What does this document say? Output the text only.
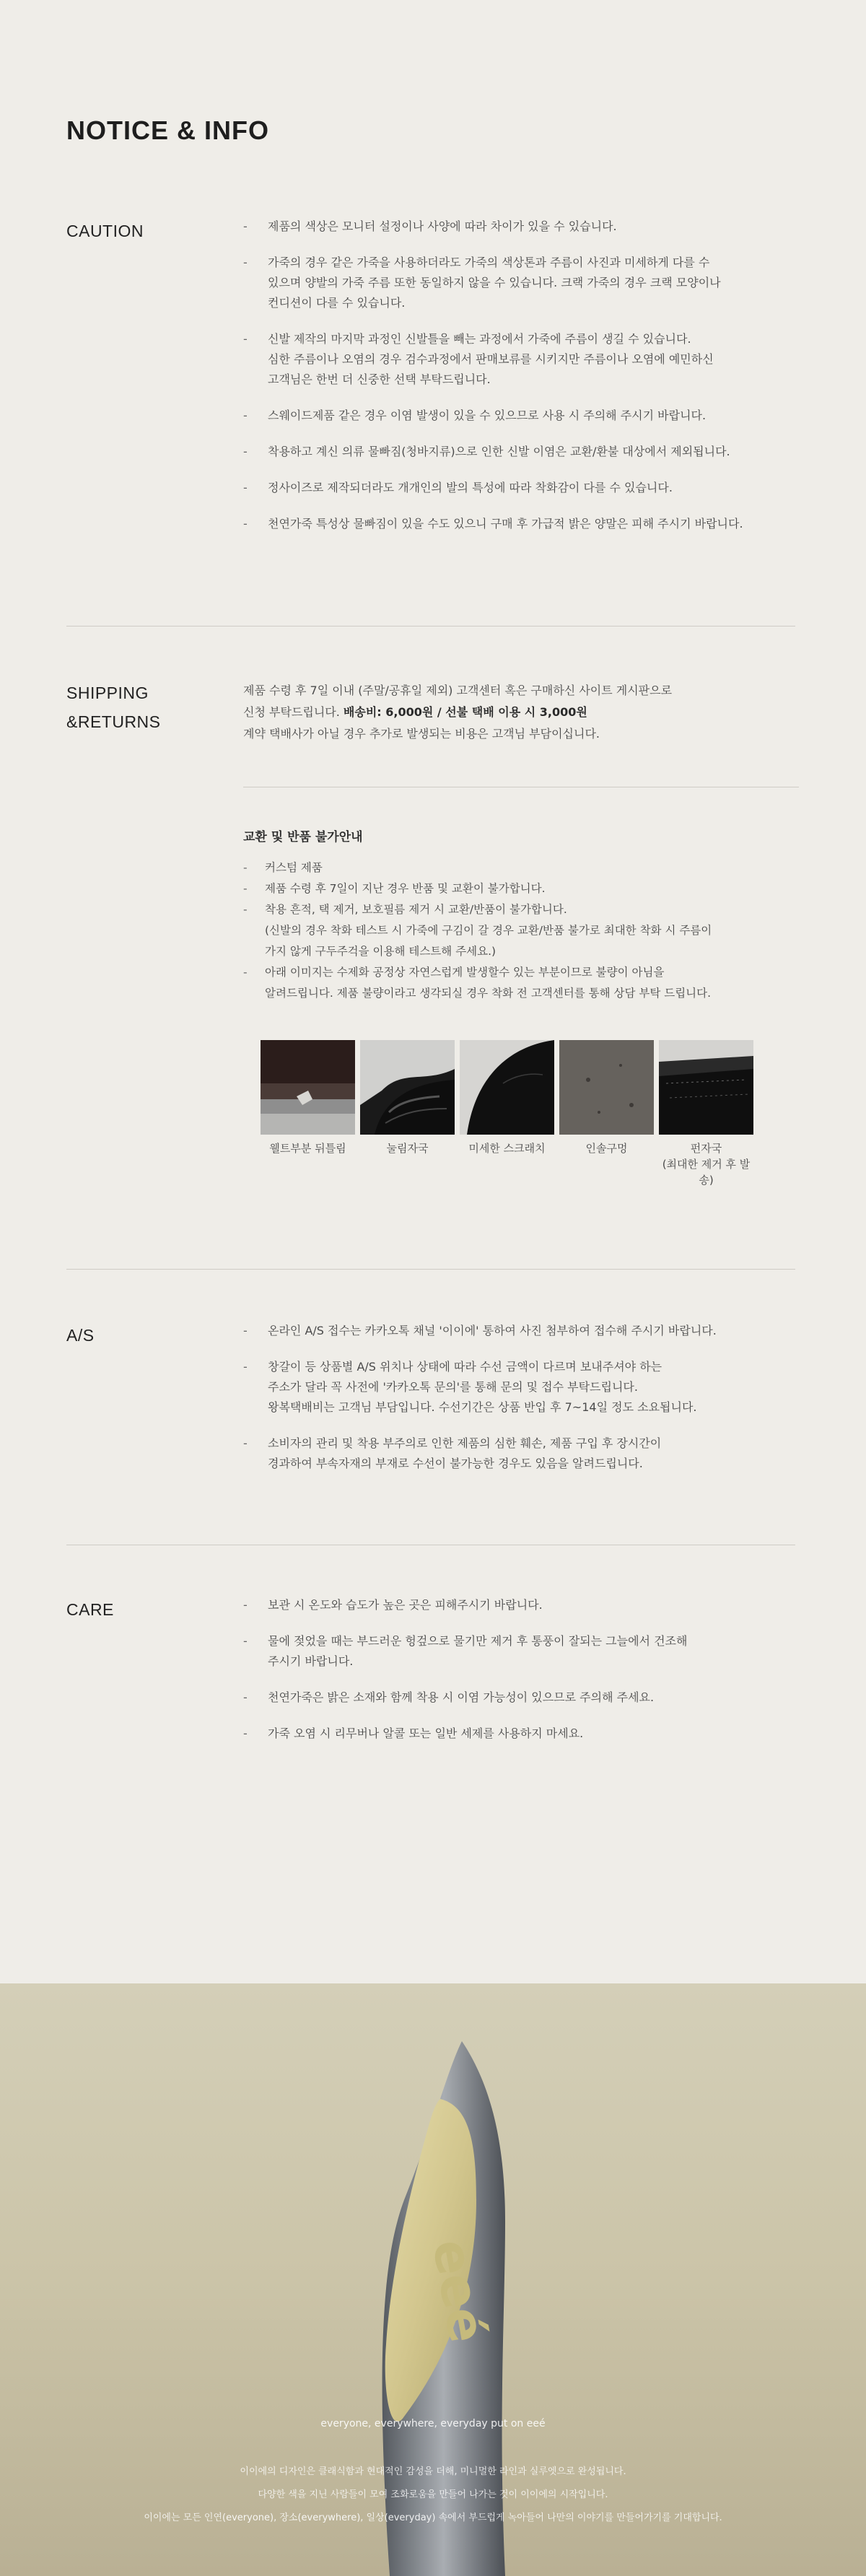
NOTICE & INFO
CAUTION	- 제품의 색상은 모니터 설정이나 사양에 따라 차이가 있을 수 있습니다.
- 가죽의 경우 같은 가죽을 사용하더라도 가죽의 색상톤과 주름이 사진과 미세하게 다를 수
있으며 양발의 가죽 주름 또한 동일하지 않을 수 있습니다. 크랙 가죽의 경우 크랙 모양이나
컨디션이 다를 수 있습니다.
- 신발 제작의 마지막 과정인 신발틀을 빼는 과정에서 가죽에 주름이 생길 수 있습니다.
심한 주름이나 오염의 경우 검수과정에서 판매보류를 시키지만 주름이나 오염에 예민하신
고객님은 한번 더 신중한 선택 부탁드립니다.
- 스웨이드제품 같은 경우 이염 발생이 있을 수 있으므로 사용 시 주의해 주시기 바랍니다.
- 착용하고 계신 의류 물빠짐(청바지류)으로 인한 신발 이염은 교환/환불 대상에서 제외됩니다.
- 정사이즈로 제작되더라도 개개인의 발의 특성에 따라 착화감이 다를 수 있습니다.
- 천연가죽 특성상 물빠짐이 있을 수도 있으니 구매 후 가급적 밝은 양말은 피해 주시기 바랍니다.
SHIPPING
&RETURNS
제품 수령 후 7일 이내 (주말/공휴일 제외) 고객센터 혹은 구매하신 사이트 게시판으로
신청 부탁드립니다. 배송비: 6,000원 / 선불 택배 이용 시 3,000원
계약 택배사가 아닐 경우 추가로 발생되는 비용은 고객님 부담이십니다.
교환 및 반품 불가안내
- 커스텀 제품
- 제품 수령 후 7일이 지난 경우 반품 및 교환이 불가합니다.
- 착용 흔적, 택 제거, 보호필름 제거 시 교환/반품이 불가합니다.
(신발의 경우 착화 테스트 시 가죽에 구김이 갈 경우 교환/반품 불가로 최대한 착화 시 주름이
가지 않게 구두주걱을 이용해 테스트해 주세요.)
- 아래 이미지는 수제화 공정상 자연스럽게 발생할수 있는 부분이므로 불량이 아님을
알려드립니다. 제품 불량이라고 생각되실 경우 착화 전 고객센터를 통해 상담 부탁 드립니다.
웰트부분 뒤틀림	눌림자국	미세한 스크래치	인솔구멍	펀자국
(최대한 제거 후 발송)
A/S	- 온라인 A/S 접수는 카카오톡 채널 '이이에' 통하여 사진 첨부하여 접수해 주시기 바랍니다.
- 창갈이 등 상품별 A/S 위치나 상태에 따라 수선 금액이 다르며 보내주셔야 하는
주소가 달라 꼭 사전에 '카카오톡 문의'를 통해 문의 및 접수 부탁드립니다.
왕복택배비는 고객님 부담입니다. 수선기간은 상품 반입 후 7~14일 정도 소요됩니다.
- 소비자의 관리 및 착용 부주의로 인한 제품의 심한 훼손, 제품 구입 후 장시간이
경과하여 부속자재의 부재로 수선이 불가능한 경우도 있음을 알려드립니다.
CARE	- 보관 시 온도와 습도가 높은 곳은 피해주시기 바랍니다.
- 물에 젖었을 때는 부드러운 헝겊으로 물기만 제거 후 통풍이 잘되는 그늘에서 건조해
주시기 바랍니다.
- 천연가죽은 밝은 소재와 함께 착용 시 이염 가능성이 있으므로 주의해 주세요.
- 가죽 오염 시 리무버나 알콜 또는 일반 세제를 사용하지 마세요.
eeé
everyone, everywhere, everyday put on eeé
이이에의 디자인은 클래식함과 현대적인 감성을 더해, 미니멀한 라인과 실루엣으로 완성됩니다.
다양한 색을 지닌 사람들이 모여 조화로움을 만들어 나가는 것이 이이에의 시작입니다.
이이에는 모든 인연(everyone), 장소(everywhere), 일상(everyday) 속에서 부드럽게 녹아들어 나만의 이야기를 만들어가기를 기대합니다.
